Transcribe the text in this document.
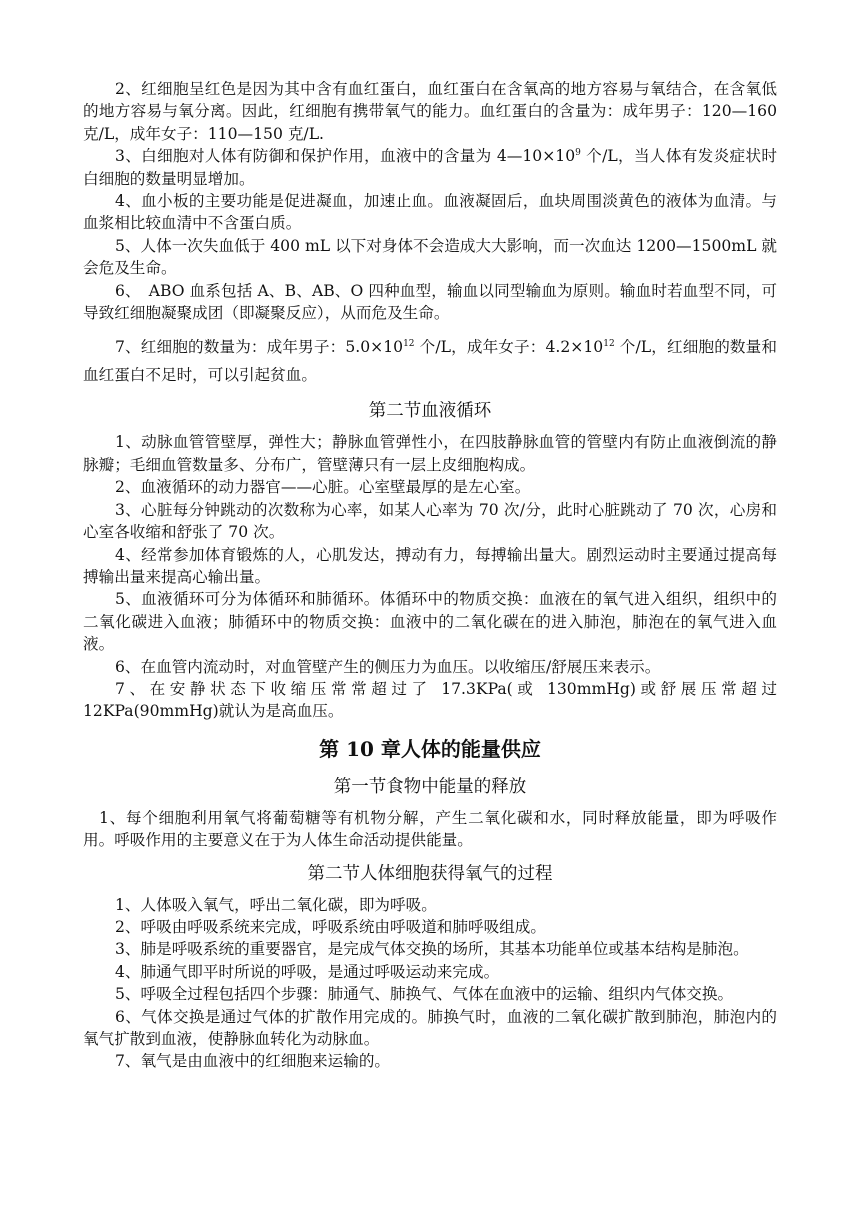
2、红细胞呈红色是因为其中含有血红蛋白，血红蛋白在含氧高的地方容易与氧结合，在含氧低的地方容易与氧分离。因此，红细胞有携带氧气的能力。血红蛋白的含量为：成年男子：120—160 克/L，成年女子：110—150 克/L.

3、白细胞对人体有防御和保护作用，血液中的含量为 $4—10\times 10^9$ 个/L，当人体有发炎症状时白细胞的数量明显增加。

4、血小板的主要功能是促进凝血，加速止血。血液凝固后，血块周围淡黄色的液体为血清。与血浆相比较血清中不含蛋白质。

5、人体一次失血低于 400 mL 以下对身体不会造成大大影响，而一次血达 1200—1500mL 就会危及生命。

6、　ABO 血系包括 A、B、AB、O 四种血型，输血以同型输血为原则。输血时若血型不同，可导致红细胞凝聚成团（即凝聚反应），从而危及生命。

7、红细胞的数量为：成年男子：$5.0\times 10^{12}$ 个/L，成年女子：$4.2\times 10^{12}$ 个/L，红细胞的数量和血红蛋白不足时，可以引起贫血。

第二节血液循环

1、动脉血管管壁厚，弹性大；静脉血管弹性小，在四肢静脉血管的管壁内有防止血液倒流的静脉瓣；毛细血管数量多、分布广，管壁薄只有一层上皮细胞构成。

2、血液循环的动力器官——心脏。心室壁最厚的是左心室。

3、心脏每分钟跳动的次数称为心率，如某人心率为 70 次/分，此时心脏跳动了 70 次，心房和心室各收缩和舒张了 70 次。

4、经常参加体育锻炼的人，心肌发达，搏动有力，每搏输出量大。剧烈运动时主要通过提高每搏输出量来提高心输出量。

5、血液循环可分为体循环和肺循环。体循环中的物质交换：血液在的氧气进入组织，组织中的二氧化碳进入血液；肺循环中的物质交换：血液中的二氧化碳在的进入肺泡，肺泡在的氧气进入血液。

6、在血管内流动时，对血管壁产生的侧压力为血压。以收缩压/舒展压来表示。

7、在安静状态下收缩压常常超过了 17.3KPa(或 130mmHg)或舒展压常超过 12KPa(90mmHg)就认为是高血压。

第 10 章人体的能量供应
第一节食物中能量的释放

1、每个细胞利用氧气将葡萄糖等有机物分解，产生二氧化碳和水，同时释放能量，即为呼吸作用。呼吸作用的主要意义在于为人体生命活动提供能量。

第二节人体细胞获得氧气的过程

1、人体吸入氧气，呼出二氧化碳，即为呼吸。

2、呼吸由呼吸系统来完成，呼吸系统由呼吸道和肺呼吸组成。

3、肺是呼吸系统的重要器官，是完成气体交换的场所，其基本功能单位或基本结构是肺泡。

4、肺通气即平时所说的呼吸，是通过呼吸运动来完成。

5、呼吸全过程包括四个步骤：肺通气、肺换气、气体在血液中的运输、组织内气体交换。

6、气体交换是通过气体的扩散作用完成的。肺换气时，血液的二氧化碳扩散到肺泡，肺泡内的氧气扩散到血液，使静脉血转化为动脉血。

7、氧气是由血液中的红细胞来运输的。
